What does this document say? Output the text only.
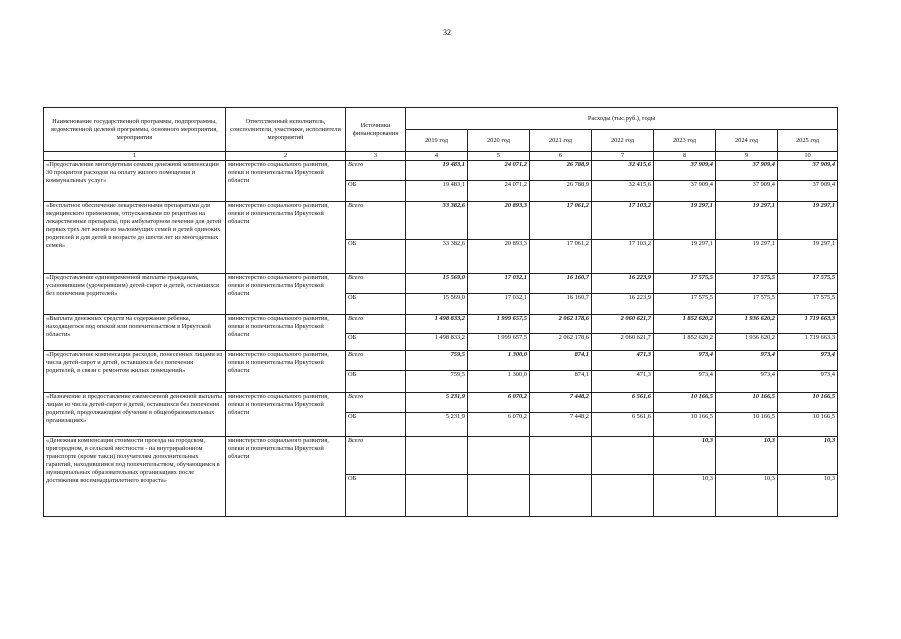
32
Наименование государственной программы, подпрограммы, ведомственной целевой программы, основного мероприятия, мероприятия	Ответственный исполнитель, соисполнители, участники, исполнители мероприятий	Источники финансирования	Расходы (тыс.руб.), годы						
			2019 год	2020 год	2021 год	2022 год	2023 год	2024 год	2025 год
1	2	3	4	5	6	7	8	9	10
«Предоставление многодетным семьям денежной компенсации 30 процентов расходов на оплату жилого помещения и коммунальных услуг»	министерство социального развития, опеки и попечительства Иркутской области	Всего	19 483,1	24 071,2	26 788,9	32 415,6	37 909,4	37 909,4	37 909,4
		ОБ	19 483,1	24 071,2	26 788,9	32 415,6	37 909,4	37 909,4	37 909,4
«Бесплатное обеспечение лекарственными препаратами для медицинского применения, отпускаемыми по рецептам на лекарственные препараты, при амбулаторном лечении для детей первых трех лет жизни из малоимущих семей и детей одиноких родителей и для детей в возрасте до шести лет из многодетных семей»	министерство социального развития, опеки и попечительства Иркутской области	Всего	33 382,6	20 893,3	17 061,2	17 103,2	19 297,1	19 297,1	19 297,1
		ОБ	33 382,6	20 893,3	17 061,2	17 103,2	19 297,1	19 297,1	19 297,1
«Предоставление единовременной выплаты гражданам, усыновившим (удочерившим) детей-сирот и детей, оставшихся без попечения родителей»	министерство социального развития, опеки и попечительства Иркутской области	Всего	15 569,0	17 032,1	16 160,7	16 223,9	17 575,5	17 575,5	17 575,5
		ОБ	15 569,0	17 032,1	16 160,7	16 223,9	17 575,5	17 575,5	17 575,5
«Выплата денежных средств на содержание ребенка, находящегося под опекой или попечительством в Иркутской области»	министерство социального развития, опеки и попечительства Иркутской области	Всего	1 498 833,2	1 999 657,5	2 062 178,6	2 060 621,7	1 852 620,2	1 936 620,2	1 719 663,3
		ОБ	1 498 833,2	1 999 657,5	2 062 178,6	2 060 621,7	1 852 620,2	1 936 620,2	1 719 663,3
«Предоставление компенсации расходов, понесенных лицами из числа детей-сирот и детей, оставшихся без попечения родителей, в связи с ремонтом жилых помещений»	министерство социального развития, опеки и попечительства Иркутской области	Всего	759,5	1 300,0	874,1	471,3	973,4	973,4	973,4
		ОБ	759,5	1 300,0	874,1	471,3	973,4	973,4	973,4
«Назначение и предоставление ежемесячной денежной выплаты лицам из числа детей-сирот и детей, оставшихся без попечения родителей, продолжающим обучение в общеобразовательных организациях»	министерство социального развития, опеки и попечительства Иркутской области	Всего	5 231,9	6 070,2	7 448,2	6 561,6	10 166,5	10 166,5	10 166,5
		ОБ	5 231,9	6 070,2	7 448,2	6 561,6	10 166,5	10 166,5	10 166,5
«Денежная компенсация стоимости проезда на городском, пригородном, в сельской местности - на внутрирайонном транспорте (кроме такси) получателям дополнительных гарантий, находившимся под попечительством, обучающимся в муниципальных образовательных организациях после достижения восемнадцатилетнего возраста»	министерство социального развития, опеки и попечительства Иркутской области	Всего					10,3	10,3	10,3
		ОБ					10,3	10,3	10,3
